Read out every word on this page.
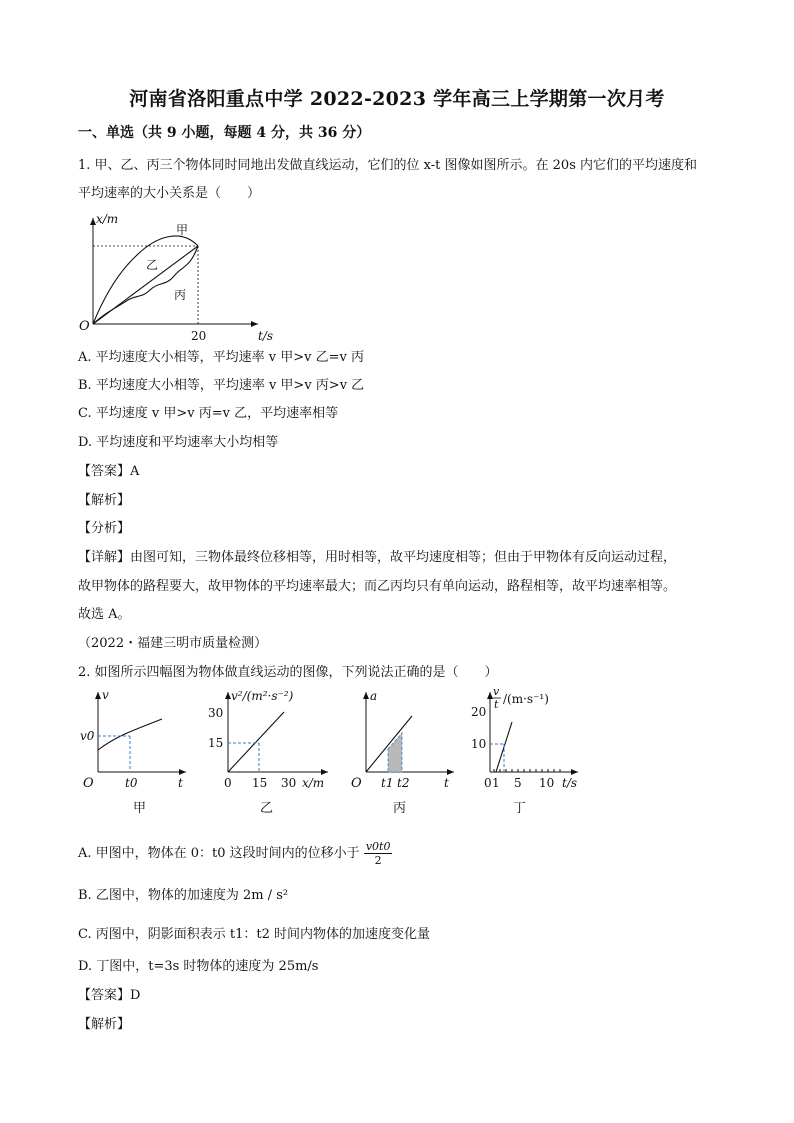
河南省洛阳重点中学 2022-2023 学年高三上学期第一次月考
一、单选（共 9 小题，每题 4 分，共 36 分）
1. 甲、乙、丙三个物体同时同地出发做直线运动，它们的位 x-t 图像如图所示。在 20s 内它们的平均速度和
平均速率的大小关系是（　　）
x/m
t/s
O
20
甲
乙
丙
A. 平均速度大小相等，平均速率 v 甲>v 乙=v 丙
B. 平均速度大小相等，平均速率 v 甲>v 丙>v 乙
C. 平均速度 v 甲>v 丙=v 乙，平均速率相等
D. 平均速度和平均速率大小均相等
【答案】A
【解析】
【分析】
【详解】由图可知，三物体最终位移相等，用时相等，故平均速度相等；但由于甲物体有反向运动过程，
故甲物体的路程要大，故甲物体的平均速率最大；而乙丙均只有单向运动，路程相等，故平均速率相等。
故选 A。
（2022・福建三明市质量检测）
2. 如图所示四幅图为物体做直线运动的图像，下列说法正确的是（　　）
v
v0
t0	t
O
甲
v²/(m²·s⁻²)
30
15
0 15 30 x/m
乙
a
t1 t2	t
O
丙
v
t /(m·s⁻¹)
20
10
0 1 5 10 t/s
丁
A. 甲图中，物体在 0：t0 这段时间内的位移小于 $\frac{v0t0}{2}$
B. 乙图中，物体的加速度为 2m / s²
C. 丙图中，阴影面积表示 t1：t2 时间内物体的加速度变化量
D. 丁图中，t=3s 时物体的速度为 25m/s
【答案】D
【解析】
